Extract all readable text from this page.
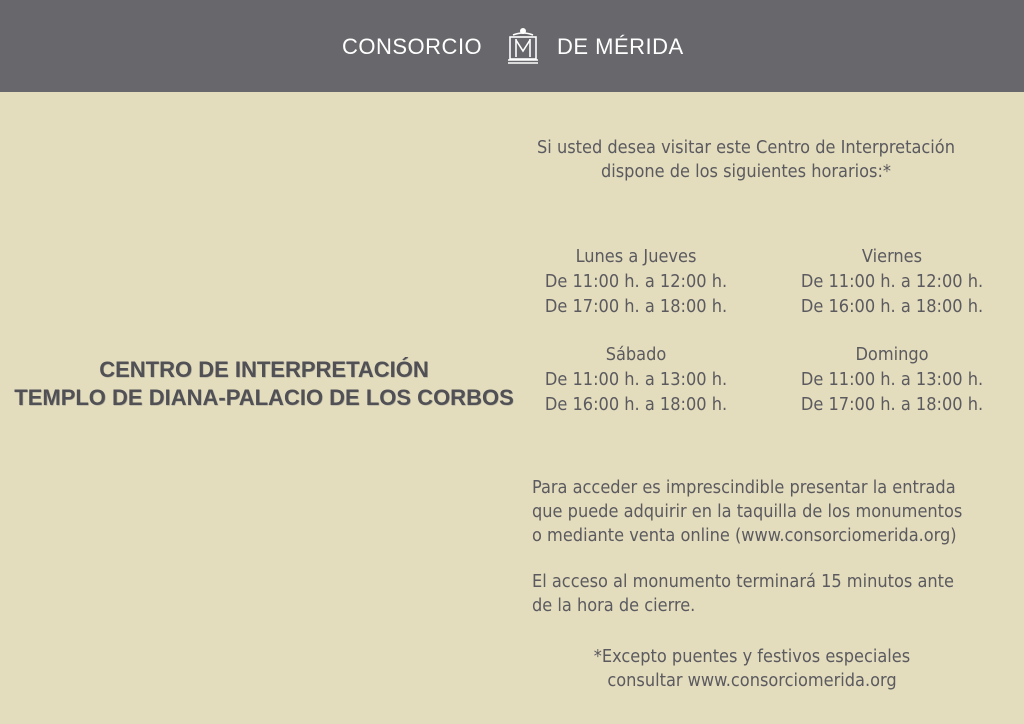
CONSORCIO	DE MÉRIDA
CENTRO DE INTERPRETACIÓN
TEMPLO DE DIANA-PALACIO DE LOS CORBOS
Si usted desea visitar este Centro de Interpretación
dispone de los siguientes horarios:*
Lunes a Jueves
De 11:00 h. a 12:00 h.
De 17:00 h. a 18:00 h.
Viernes
De 11:00 h. a 12:00 h.
De 16:00 h. a 18:00 h.
Sábado
De 11:00 h. a 13:00 h.
De 16:00 h. a 18:00 h.
Domingo
De 11:00 h. a 13:00 h.
De 17:00 h. a 18:00 h.
Para acceder es imprescindible presentar la entrada
que puede adquirir en la taquilla de los monumentos
o mediante venta online (www.consorciomerida.org)
El acceso al monumento terminará 15 minutos ante
de la hora de cierre.
*Excepto puentes y festivos especiales
consultar www.consorciomerida.org
